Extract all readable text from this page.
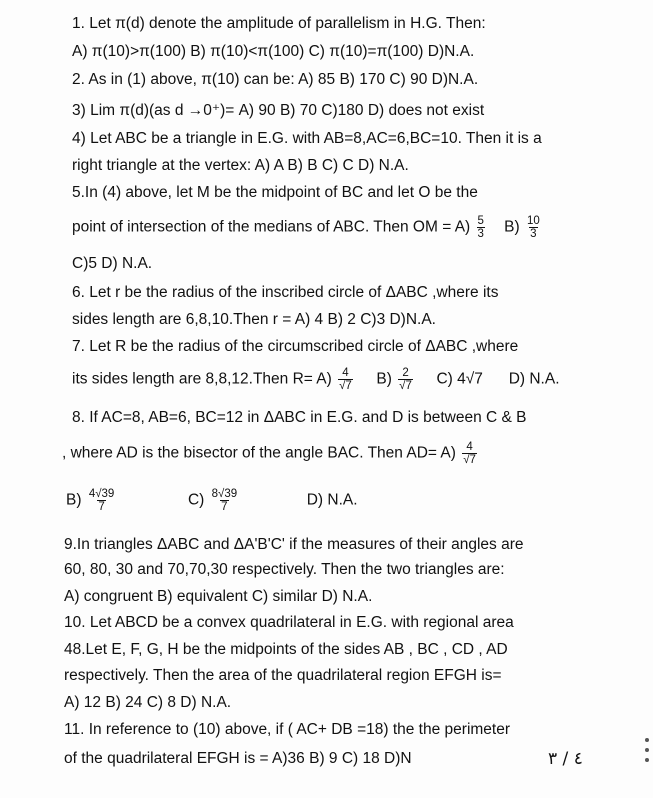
1. Let π(d) denote the amplitude of parallelism in H.G. Then:
A) π(10)>π(100) B) π(10)<π(100) C) π(10)=π(100) D)N.A.
2. As in (1) above, π(10) can be: A) 85 B) 170 C) 90 D)N.A.
3) Lim π(d)(as d →0⁺)= A) 90 B) 70 C)180 D) does not exist
4) Let ABC be a triangle in E.G. with AB=8,AC=6,BC=10. Then it is a
right triangle at the vertex: A) A B) B C) C D) N.A.
5.In (4) above, let M be the midpoint of BC and let O be the
point of intersection of the medians of ABC. Then OM = $A) \frac{5}{3} B) \frac{10}{3}$
C)5 D) N.A.
6. Let r be the radius of the inscribed circle of ΔABC ,where its
sides length are 6,8,10.Then r = A) 4 B) 2 C)3 D)N.A.
7. Let R be the radius of the circumscribed circle of ΔABC ,where
its sides length are 8,8,12.Then $R= A) \frac{4}{√7} B) \frac{2}{√7} C$) 4√7 D) N.A.
8. If AC=8, AB=6, BC=12 in ΔABC in E.G. and D is between C & B
, where AD is the bisector of the angle BAC. Then $AD= A) \frac{4}{√7}$
$B) \frac{4√39}{7}$	$C) \frac{8√39}{7}$	D) N.A.
9.In triangles ΔABC and ΔA'B'C' if the measures of their angles are
60, 80, 30 and 70,70,30 respectively. Then the two triangles are:
A) congruent B) equivalent C) similar D) N.A.
10. Let ABCD be a convex quadrilateral in E.G. with regional area
48.Let E, F, G, H be the midpoints of the sides AB , BC , CD , AD
respectively. Then the area of the quadrilateral region EFGH is=
A) 12 B) 24 C) 8 D) N.A.
11. In reference to (10) above, if ( AC+ DB =18) the the perimeter
of the quadrilateral EFGH is = A)36 B) 9 C) 18 D)N	٤ / ٣
